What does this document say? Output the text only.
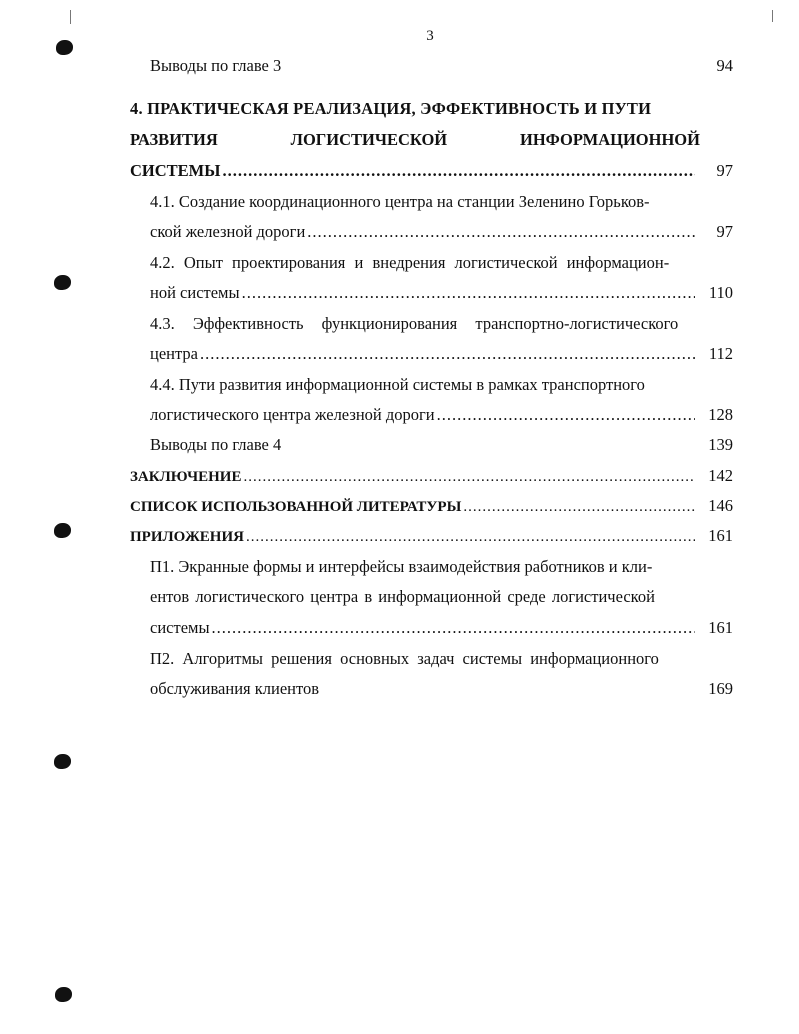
3
Выводы по главе 3	94
4. ПРАКТИЧЕСКАЯ РЕАЛИЗАЦИЯ, ЭФФЕКТИВНОСТЬ И ПУТИ
РАЗВИТИЯ	ЛОГИСТИЧЕСКОЙ	ИНФОРМАЦИОННОЙ
СИСТЕМЫ .....	97
4.1. Создание координационного центра на станции Зеленино Горьков-
ской железной дороги .....	97
4.2. Опыт проектирования и внедрения логистической информацион-
ной системы .....	110
4.3. Эффективность функционирования транспортно-логистического
центра .....	112
4.4. Пути развития информационной системы в рамках транспортного
логистического центра железной дороги .....	128
Выводы по главе 4	139
ЗАКЛЮЧЕНИЕ .....	142
СПИСОК ИСПОЛЬЗОВАННОЙ ЛИТЕРАТУРЫ .....	146
ПРИЛОЖЕНИЯ .....	161
П1. Экранные формы и интерфейсы взаимодействия работников и кли-
ентов логистического центра в информационной среде логистической
системы .....	161
П2. Алгоритмы решения основных задач системы информационного
обслуживания клиентов	169
